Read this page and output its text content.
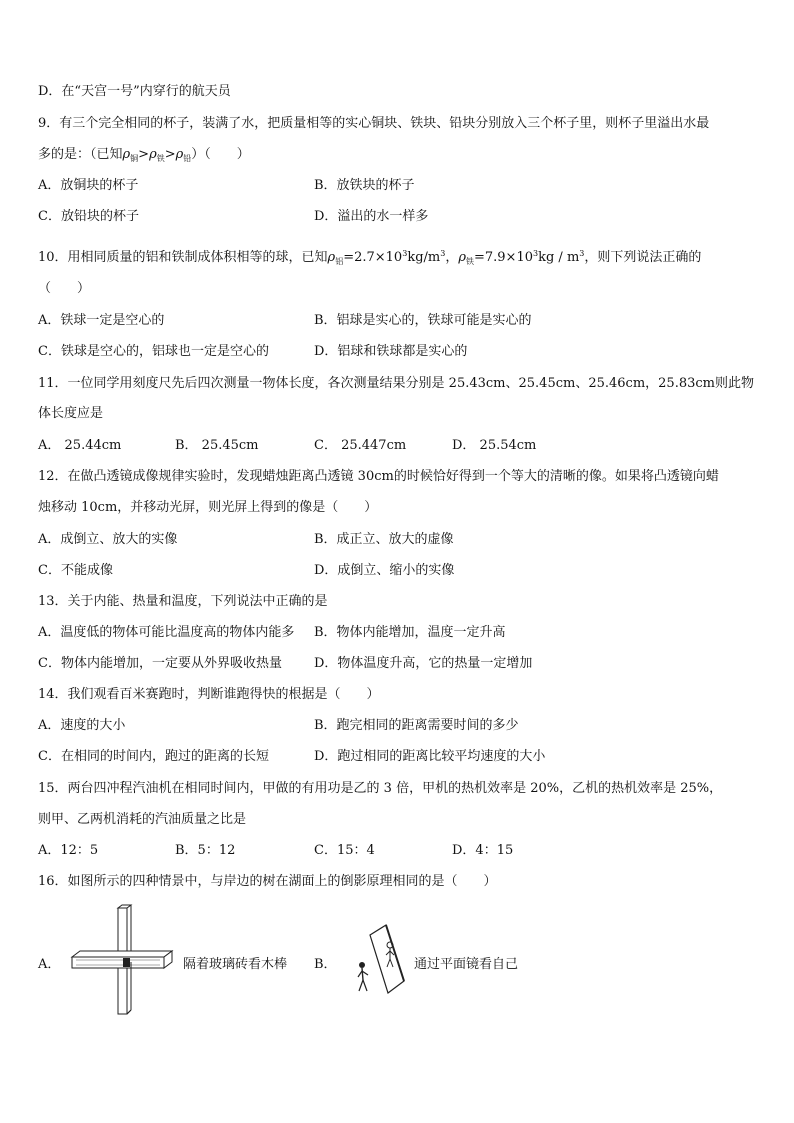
D．在“天宫一号”内穿行的航天员
9．有三个完全相同的杯子，装满了水，把质量相等的实心铜块、铁块、铅块分别放入三个杯子里，则杯子里溢出水最
多的是：（已知$\rho_铜>\rho_铁>\rho_铅$）（　　）
A．放铜块的杯子	B．放铁块的杯子
C．放铅块的杯子	D．溢出的水一样多
10．用相同质量的铝和铁制成体积相等的球，已知$\rho_铝=2.7\times 10^3kg/m^3$，$\rho_铁=7.9\times 10^3kg / m^3$，则下列说法正确的
（　　）
A．铁球一定是空心的	B．铝球是实心的，铁球可能是实心的
C．铁球是空心的，铝球也一定是空心的	D．铝球和铁球都是实心的
11．一位同学用刻度尺先后四次测量一物体长度，各次测量结果分别是 25.43cm、25.45cm、25.46cm，25.83cm则此物
体长度应是
A． 25.44cm	B． 25.45cm	C． 25.447cm	D． 25.54cm
12．在做凸透镜成像规律实验时，发现蜡烛距离凸透镜 30cm的时候恰好得到一个等大的清晰的像。如果将凸透镜向蜡
烛移动 10cm，并移动光屏，则光屏上得到的像是（　　）
A．成倒立、放大的实像	B．成正立、放大的虚像
C．不能成像	D．成倒立、缩小的实像
13．关于内能、热量和温度，下列说法中正确的是
A．温度低的物体可能比温度高的物体内能多 B．物体内能增加，温度一定升高
C．物体内能增加，一定要从外界吸收热量 D．物体温度升高，它的热量一定增加
14．我们观看百米赛跑时，判断谁跑得快的根据是（　　）
A．速度的大小	B．跑完相同的距离需要时间的多少
C．在相同的时间内，跑过的距离的长短	D．跑过相同的距离比较平均速度的大小
15．两台四冲程汽油机在相同时间内，甲做的有用功是乙的 3 倍，甲机的热机效率是 20%，乙机的热机效率是 25%，
则甲、乙两机消耗的汽油质量之比是
A．12：5	B．5：12	C．15：4	D．4：15
16．如图所示的四种情景中，与岸边的树在湖面上的倒影原理相同的是（　　）
A．	隔着玻璃砖看木棒 B．	通过平面镜看自己
